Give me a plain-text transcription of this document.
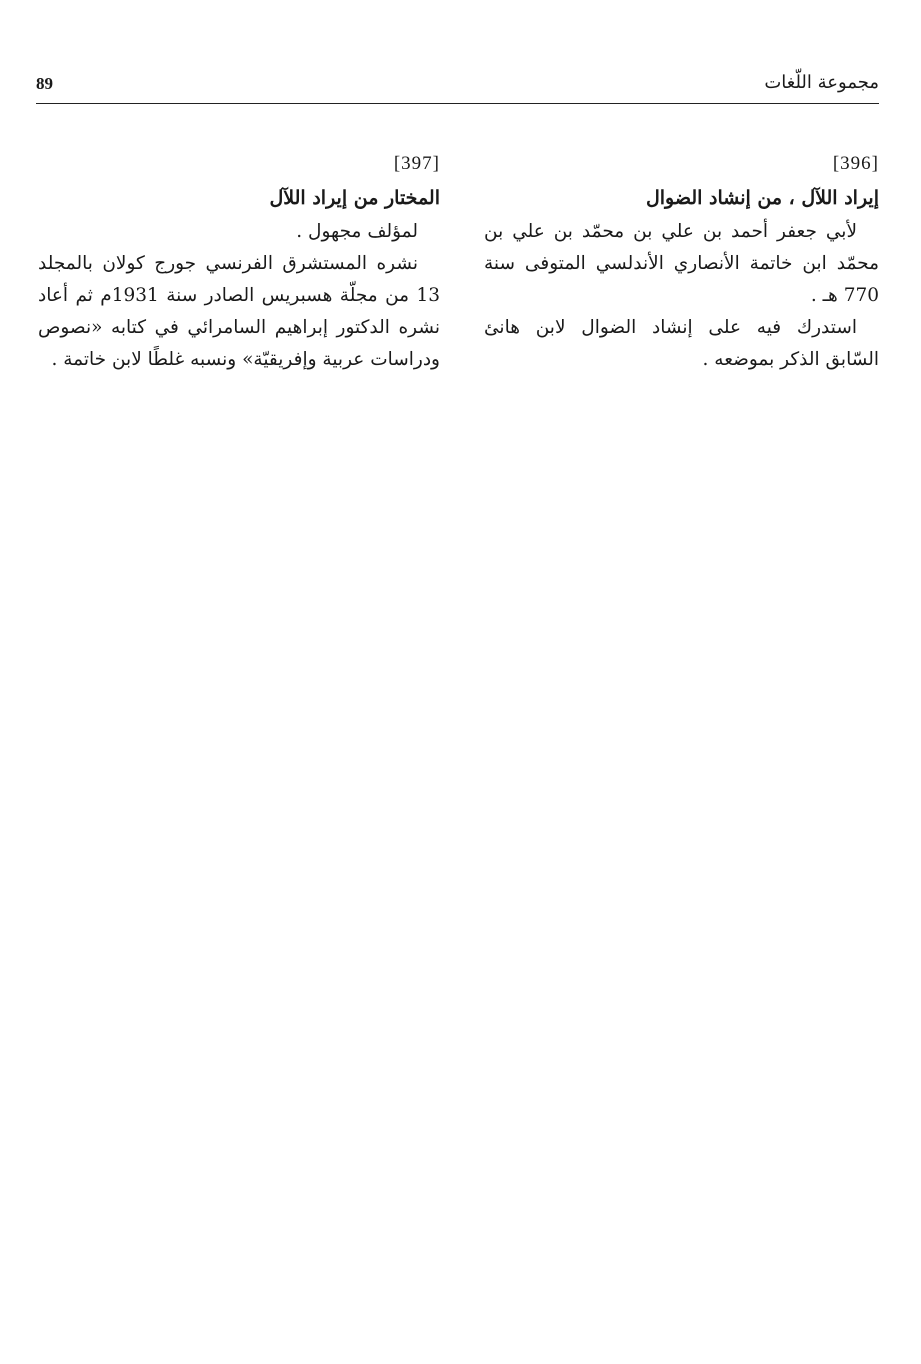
89	مجموعة اللّغات
[396]
إيراد اللآل ، من إنشاد الضوال

لأبي جعفر أحمد بن علي بن محمّد بن علي بن محمّد ابن خاتمة الأنصاري الأندلسي المتوفى سنة 770 هـ .

استدرك فيه على إنشاد الضوال لابن هانئ السّابق الذكر بموضعه .

[397]
المختار من إيراد اللآل

لمؤلف مجهول .

نشره المستشرق الفرنسي جورج كولان بالمجلد 13 من مجلّة هسبريس الصادر سنة 1931م ثم أعاد نشره الدكتور إبراهيم السامرائي في كتابه «نصوص ودراسات عربية وإفريقيّة» ونسبه غلطًا لابن خاتمة .
